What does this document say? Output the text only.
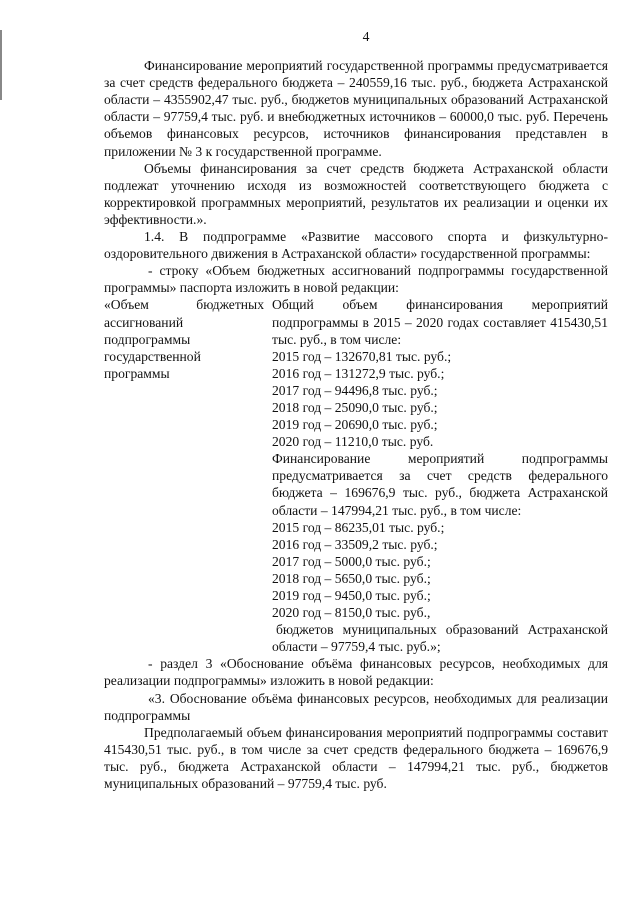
4

Финансирование мероприятий государственной программы предусматривается за счет средств федерального бюджета – 240559,16 тыс. руб., бюджета Астраханской области – 4355902,47 тыс. руб., бюджетов муниципальных образований Астраханской области – 97759,4 тыс. руб. и внебюджетных источников – 60000,0 тыс. руб. Перечень объемов финансовых ресурсов, источников финансирования представлен в приложении № 3 к государственной программе.

Объемы финансирования за счет средств бюджета Астраханской области подлежат уточнению исходя из возможностей соответствующего бюджета с корректировкой программных мероприятий, результатов их реализации и оценки их эффективности.».

1.4. В подпрограмме «Развитие массового спорта и физкультурно-оздоровительного движения в Астраханской области» государственной программы:

- строку «Объем бюджетных ассигнований подпрограммы государственной программы» паспорта изложить в новой редакции:

«Объем бюджетных ассигнований подпрограммы государственной программы

Общий объем финансирования мероприятий подпрограммы в 2015 – 2020 годах составляет 415430,51 тыс. руб., в том числе:

2015 год – 132670,81 тыс. руб.;
2016 год – 131272,9 тыс. руб.;
2017 год – 94496,8 тыс. руб.;
2018 год – 25090,0 тыс. руб.;
2019 год – 20690,0 тыс. руб.;
2020 год – 11210,0 тыс. руб.

Финансирование мероприятий подпрограммы предусматривается за счет средств федерального бюджета – 169676,9 тыс. руб., бюджета Астраханской области – 147994,21 тыс. руб., в том числе:

2015 год – 86235,01 тыс. руб.;
2016 год – 33509,2 тыс. руб.;
2017 год – 5000,0 тыс. руб.;
2018 год – 5650,0 тыс. руб.;
2019 год – 9450,0 тыс. руб.;
2020 год – 8150,0 тыс. руб.,

бюджетов муниципальных образований Астраханской области – 97759,4 тыс. руб.»;

- раздел 3 «Обоснование объёма финансовых ресурсов, необходимых для реализации подпрограммы» изложить в новой редакции:

«3. Обоснование объёма финансовых ресурсов, необходимых для реализации подпрограммы

Предполагаемый объем финансирования мероприятий подпрограммы составит 415430,51 тыс. руб., в том числе за счет средств федерального бюджета – 169676,9 тыс. руб., бюджета Астраханской области – 147994,21 тыс. руб., бюджетов муниципальных образований – 97759,4 тыс. руб.
